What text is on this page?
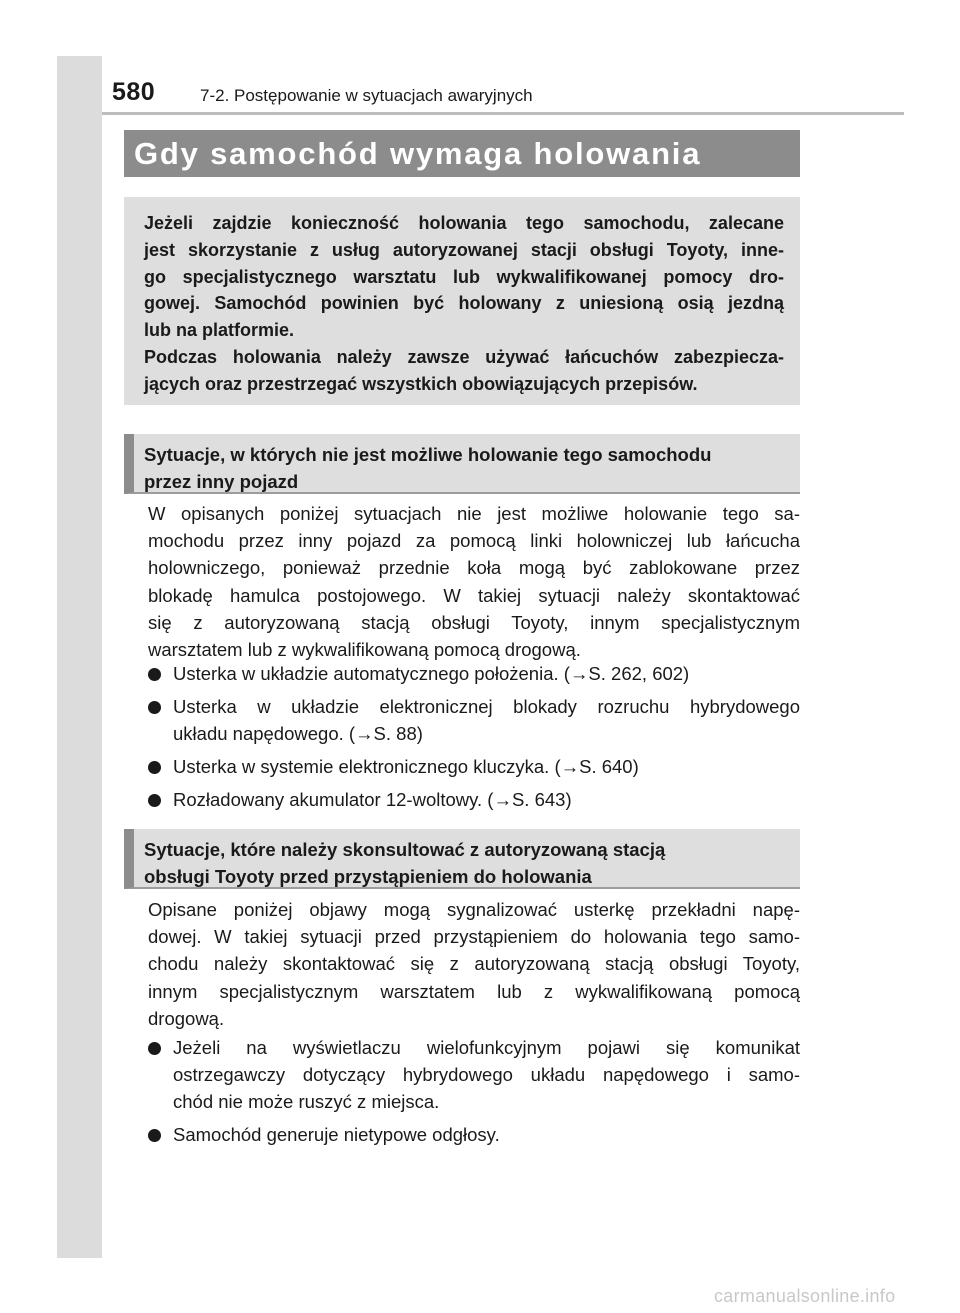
580	7-2. Postępowanie w sytuacjach awaryjnych
Gdy samochód wymaga holowania
Jeżeli zajdzie konieczność holowania tego samochodu, zalecane
jest skorzystanie z usług autoryzowanej stacji obsługi Toyoty, inne-
go specjalistycznego warsztatu lub wykwalifikowanej pomocy dro-
gowej. Samochód powinien być holowany z uniesioną osią jezdną
lub na platformie.
Podczas holowania należy zawsze używać łańcuchów zabezpiecza-
jących oraz przestrzegać wszystkich obowiązujących przepisów.
Sytuacje, w których nie jest możliwe holowanie tego samochodu
przez inny pojazd
W opisanych poniżej sytuacjach nie jest możliwe holowanie tego sa-
mochodu przez inny pojazd za pomocą linki holowniczej lub łańcucha
holowniczego, ponieważ przednie koła mogą być zablokowane przez
blokadę hamulca postojowego. W takiej sytuacji należy skontaktować
się z autoryzowaną stacją obsługi Toyoty, innym specjalistycznym
warsztatem lub z wykwalifikowaną pomocą drogową.
Usterka w układzie automatycznego położenia. (→S. 262, 602)
Usterka w układzie elektronicznej blokady rozruchu hybrydowego
układu napędowego. (→S. 88)
Usterka w systemie elektronicznego kluczyka. (→S. 640)
Rozładowany akumulator 12-woltowy. (→S. 643)
Sytuacje, które należy skonsultować z autoryzowaną stacją
obsługi Toyoty przed przystąpieniem do holowania
Opisane poniżej objawy mogą sygnalizować usterkę przekładni napę-
dowej. W takiej sytuacji przed przystąpieniem do holowania tego samo-
chodu należy skontaktować się z autoryzowaną stacją obsługi Toyoty,
innym specjalistycznym warsztatem lub z wykwalifikowaną pomocą
drogową.
Jeżeli na wyświetlaczu wielofunkcyjnym pojawi się komunikat
ostrzegawczy dotyczący hybrydowego układu napędowego i samo-
chód nie może ruszyć z miejsca.
Samochód generuje nietypowe odgłosy.
carmanualsonline.info
